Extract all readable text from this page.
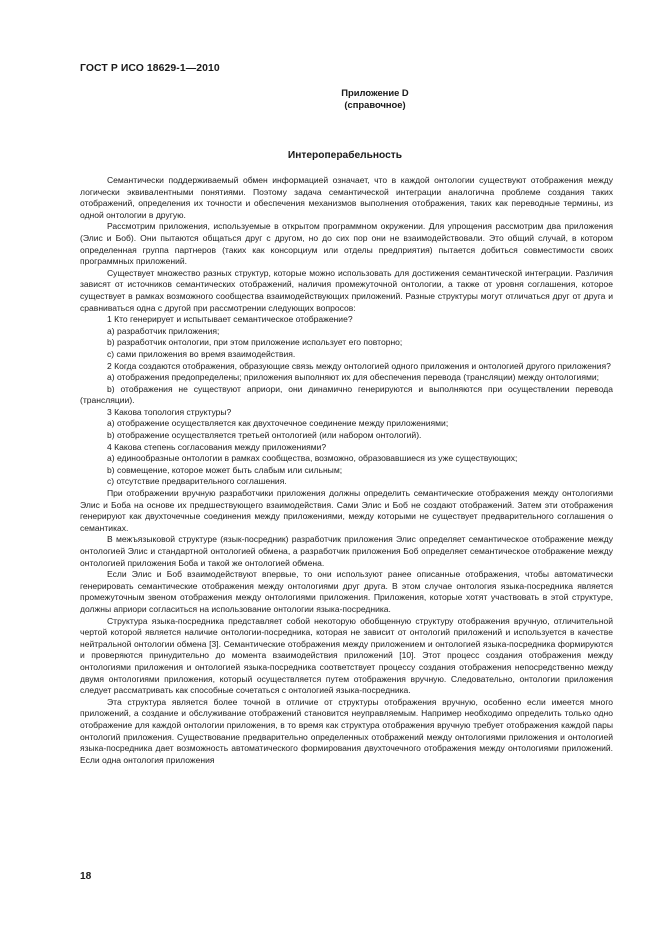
ГОСТ Р ИСО 18629-1—2010
Приложение D
(справочное)
Интероперабельность

Семантически поддерживаемый обмен информацией означает, что в каждой онтологии существуют отображения между логически эквивалентными понятиями. Поэтому задача семантической интеграции аналогична проблеме создания таких отображений, определения их точности и обеспечения механизмов выполнения отображения, таких как переводные термины, из одной онтологии в другую.

Рассмотрим приложения, используемые в открытом программном окружении. Для упрощения рассмотрим два приложения (Элис и Боб). Они пытаются общаться друг с другом, но до сих пор они не взаимодействовали. Это общий случай, в котором определенная группа партнеров (таких как консорциум или отделы предприятия) пытается добиться совместимости своих программных приложений.

Существует множество разных структур, которые можно использовать для достижения семантической интеграции. Различия зависят от источников семантических отображений, наличия промежуточной онтологии, а также от уровня соглашения, которое существует в рамках возможного сообщества взаимодействующих приложений. Разные структуры могут отличаться друг от друга и сравниваться одна с другой при рассмотрении следующих вопросов:

1 Кто генерирует и испытывает семантическое отображение?

а) разработчик приложения;

b) разработчик онтологии, при этом приложение использует его повторно;

c) сами приложения во время взаимодействия.

2 Когда создаются отображения, образующие связь между онтологией одного приложения и онтологией другого приложения?

а) отображения предопределены; приложения выполняют их для обеспечения перевода (трансляции) между онтологиями;

b) отображения не существуют априори, они динамично генерируются и выполняются при осуществлении перевода (трансляции).

3 Какова топология структуры?

а) отображение осуществляется как двухточечное соединение между приложениями;

b) отображение осуществляется третьей онтологией (или набором онтологий).

4 Какова степень согласования между приложениями?

а) единообразные онтологии в рамках сообщества, возможно, образовавшиеся из уже существующих;

b) совмещение, которое может быть слабым или сильным;

c) отсутствие предварительного соглашения.

При отображении вручную разработчики приложения должны определить семантические отображения между онтологиями Элис и Боба на основе их предшествующего взаимодействия. Сами Элис и Боб не создают отображений. Затем эти отображения генерируют как двухточечные соединения между приложениями, между которыми не существует предварительного соглашения о семантиках.

В межъязыковой структуре (язык-посредник) разработчик приложения Элис определяет семантическое отображение между онтологией Элис и стандартной онтологией обмена, а разработчик приложения Боб определяет семантическое отображение между онтологией приложения Боба и такой же онтологией обмена.

Если Элис и Боб взаимодействуют впервые, то они используют ранее описанные отображения, чтобы автоматически генерировать семантические отображения между онтологиями друг друга. В этом случае онтология языка-посредника является промежуточным звеном отображения между онтологиями приложения. Приложения, которые хотят участвовать в этой структуре, должны априори согласиться на использование онтологии языка-посредника.

Структура языка-посредника представляет собой некоторую обобщенную структуру отображения вручную, отличительной чертой которой является наличие онтологии-посредника, которая не зависит от онтологий приложений и используется в качестве нейтральной онтологии обмена [3]. Семантические отображения между приложением и онтологией языка-посредника формируются и проверяются принудительно до момента взаимодействия приложений [10]. Этот процесс создания отображения между онтологиями приложения и онтологией языка-посредника соответствует процессу создания отображения непосредственно между двумя онтологиями приложения, который осуществляется путем отображения вручную. Следовательно, онтологии приложения следует рассматривать как способные сочетаться с онтологией языка-посредника.

Эта структура является более точной в отличие от структуры отображения вручную, особенно если имеется много приложений, а создание и обслуживание отображений становится неуправляемым. Например необходимо определить только одно отображение для каждой онтологии приложения, в то время как структура отображения вручную требует отображения каждой пары онтологий приложения. Существование предварительно определенных отображений между онтологиями приложения и онтологией языка-посредника дает возможность автоматического формирования двухточечного отображения между онтологиями приложений. Если одна онтология приложения

18
